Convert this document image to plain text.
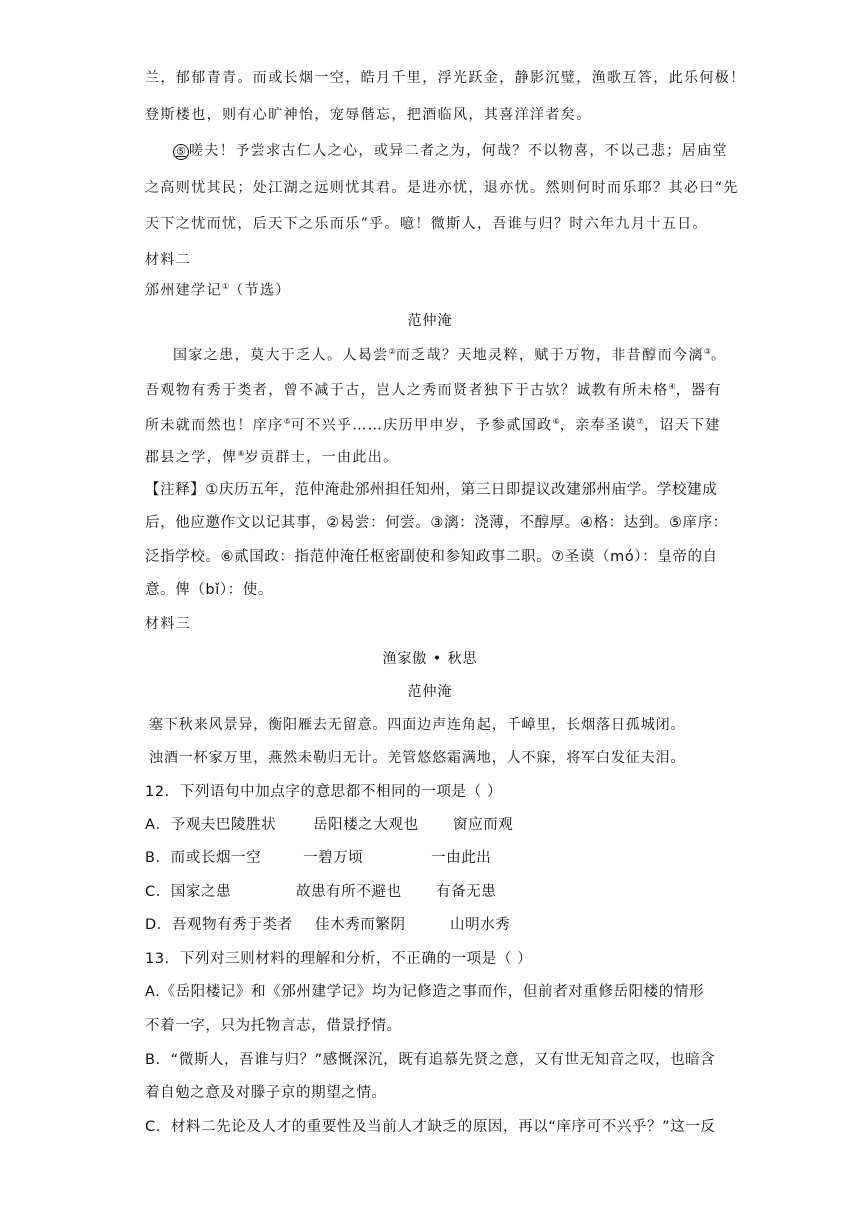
兰，郁郁青青。而或长烟一空，皓月千里，浮光跃金，静影沉璧，渔歌互答，此乐何极！
登斯楼也，则有心旷神怡，宠辱偕忘，把酒临风，其喜洋洋者矣。
⑤ 嗟夫！予尝求古仁人之心，或异二者之为，何哉？不以物喜，不以己悲；居庙堂
之高则忧其民；处江湖之远则忧其君。是进亦忧，退亦忧。然则何时而乐耶？其必曰“先
天下之忧而忧，后天下之乐而乐”乎。噫！微斯人，吾谁与归？时六年九月十五日。
材料二
邠州建学记①（节选）
范仲淹
国家之患，莫大于乏人。人曷尝②而乏哉？天地灵粹，赋于万物，非昔醇而今漓③。
吾观物有秀于类者，曾不减于古，岂人之秀而贤者独下于古欤？诚教有所未格④，器有
所未就而然也！庠序⑤可不兴乎……庆历甲申岁，予参贰国政⑥，亲奉圣谟⑦，诏天下建
郡县之学，俾⑧岁贡群士，一由此出。
【注释】①庆历五年，范仲淹赴邠州担任知州，第三日即提议改建邠州庙学。学校建成
后，他应邀作文以记其事，②曷尝：何尝。③漓：浇薄，不醇厚。④格：达到。⑤庠序：
泛指学校。⑥贰国政：指范仲淹任枢密副使和参知政事二职。⑦圣谟（mó）：皇帝的自
意。俾（bǐ）：使。
材料三
渔家傲 • 秋思
范仲淹
塞下秋来风景异，衡阳雁去无留意。四面边声连角起，千嶂里，长烟落日孤城闭。
浊酒一杯家万里，燕然未勒归无计。羌管悠悠霜满地，人不寐，将军白发征夫泪。
12．下列语句中加点字的意思都不相同的一项是（ ）
A．予观夫巴陵胜状	岳阳楼之大观也 窗应而观
B．而或长烟一空	一碧万顷	一由此出
C．国家之患	故患有所不避也 有备无患
D．吾观物有秀于类者 佳木秀而繁阴	山明水秀
13．下列对三则材料的理解和分析，不正确的一项是（ ）
A.《岳阳楼记》和《邠州建学记》均为记修造之事而作，但前者对重修岳阳楼的情形
不着一字，只为托物言志，借景抒情。
B．“微斯人，吾谁与归？”感慨深沉，既有追慕先贤之意，又有世无知音之叹，也暗含
着自勉之意及对滕子京的期望之情。
C．材料二先论及人才的重要性及当前人才缺乏的原因，再以“庠序可不兴乎？”这一反
